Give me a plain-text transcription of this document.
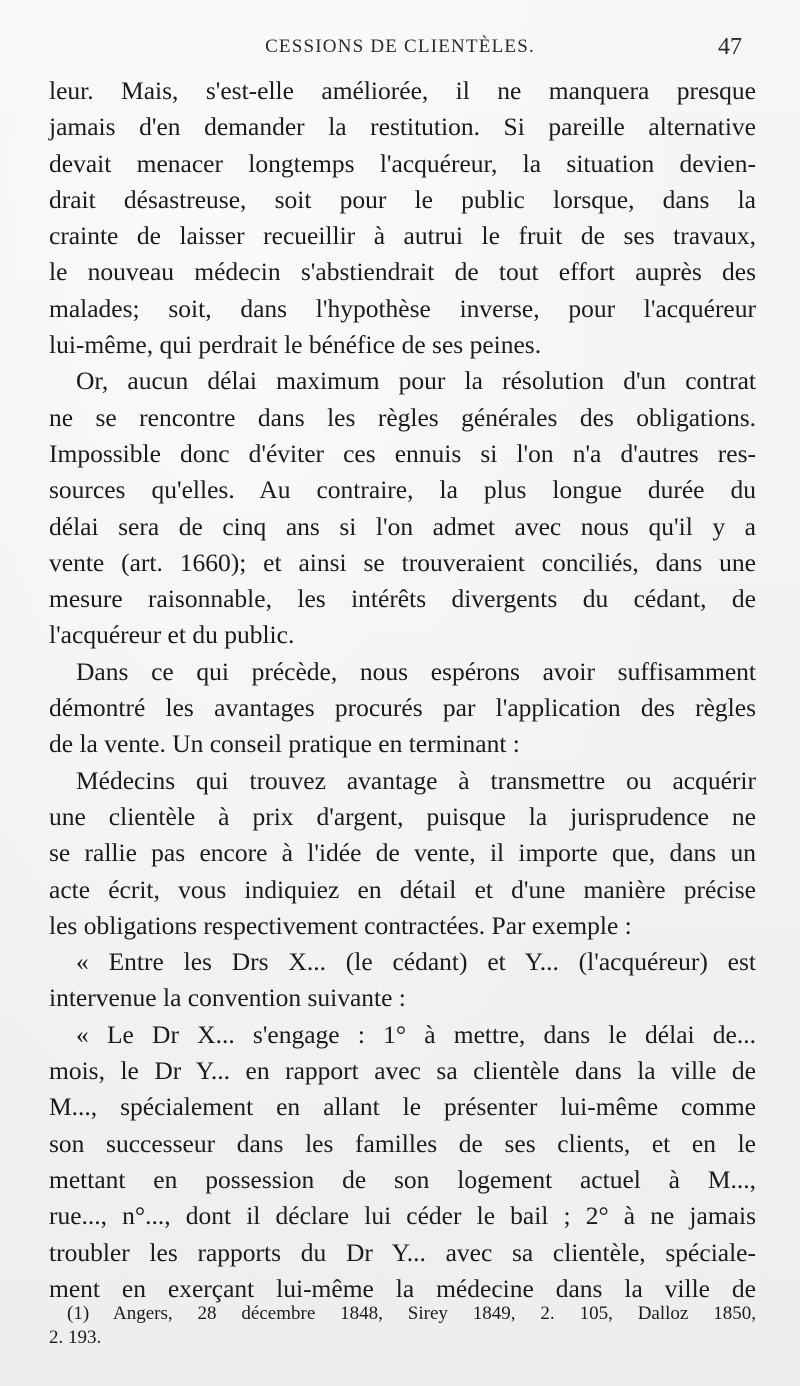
CESSIONS DE CLIENTÈLES.	47
leur. Mais, s'est-elle améliorée, il ne manquera presque
jamais d'en demander la restitution. Si pareille alternative
devait menacer longtemps l'acquéreur, la situation devien-
drait désastreuse, soit pour le public lorsque, dans la
crainte de laisser recueillir à autrui le fruit de ses travaux,
le nouveau médecin s'abstiendrait de tout effort auprès des
malades; soit, dans l'hypothèse inverse, pour l'acquéreur
lui-même, qui perdrait le bénéfice de ses peines.
Or, aucun délai maximum pour la résolution d'un contrat
ne se rencontre dans les règles générales des obligations.
Impossible donc d'éviter ces ennuis si l'on n'a d'autres res-
sources qu'elles. Au contraire, la plus longue durée du
délai sera de cinq ans si l'on admet avec nous qu'il y a
vente (art. 1660); et ainsi se trouveraient conciliés, dans une
mesure raisonnable, les intérêts divergents du cédant, de
l'acquéreur et du public.
Dans ce qui précède, nous espérons avoir suffisamment
démontré les avantages procurés par l'application des règles
de la vente. Un conseil pratique en terminant :
Médecins qui trouvez avantage à transmettre ou acquérir
une clientèle à prix d'argent, puisque la jurisprudence ne
se rallie pas encore à l'idée de vente, il importe que, dans un
acte écrit, vous indiquiez en détail et d'une manière précise
les obligations respectivement contractées. Par exemple :
« Entre les Drs X... (le cédant) et Y... (l'acquéreur) est
intervenue la convention suivante :
« Le Dr X... s'engage : 1° à mettre, dans le délai de...
mois, le Dr Y... en rapport avec sa clientèle dans la ville de
M..., spécialement en allant le présenter lui-même comme
son successeur dans les familles de ses clients, et en le
mettant en possession de son logement actuel à M...,
rue..., n°..., dont il déclare lui céder le bail ; 2° à ne jamais
troubler les rapports du Dr Y... avec sa clientèle, spéciale-
ment en exerçant lui-même la médecine dans la ville de
(1) Angers, 28 décembre 1848, Sirey 1849, 2. 105, Dalloz 1850,
2. 193.
